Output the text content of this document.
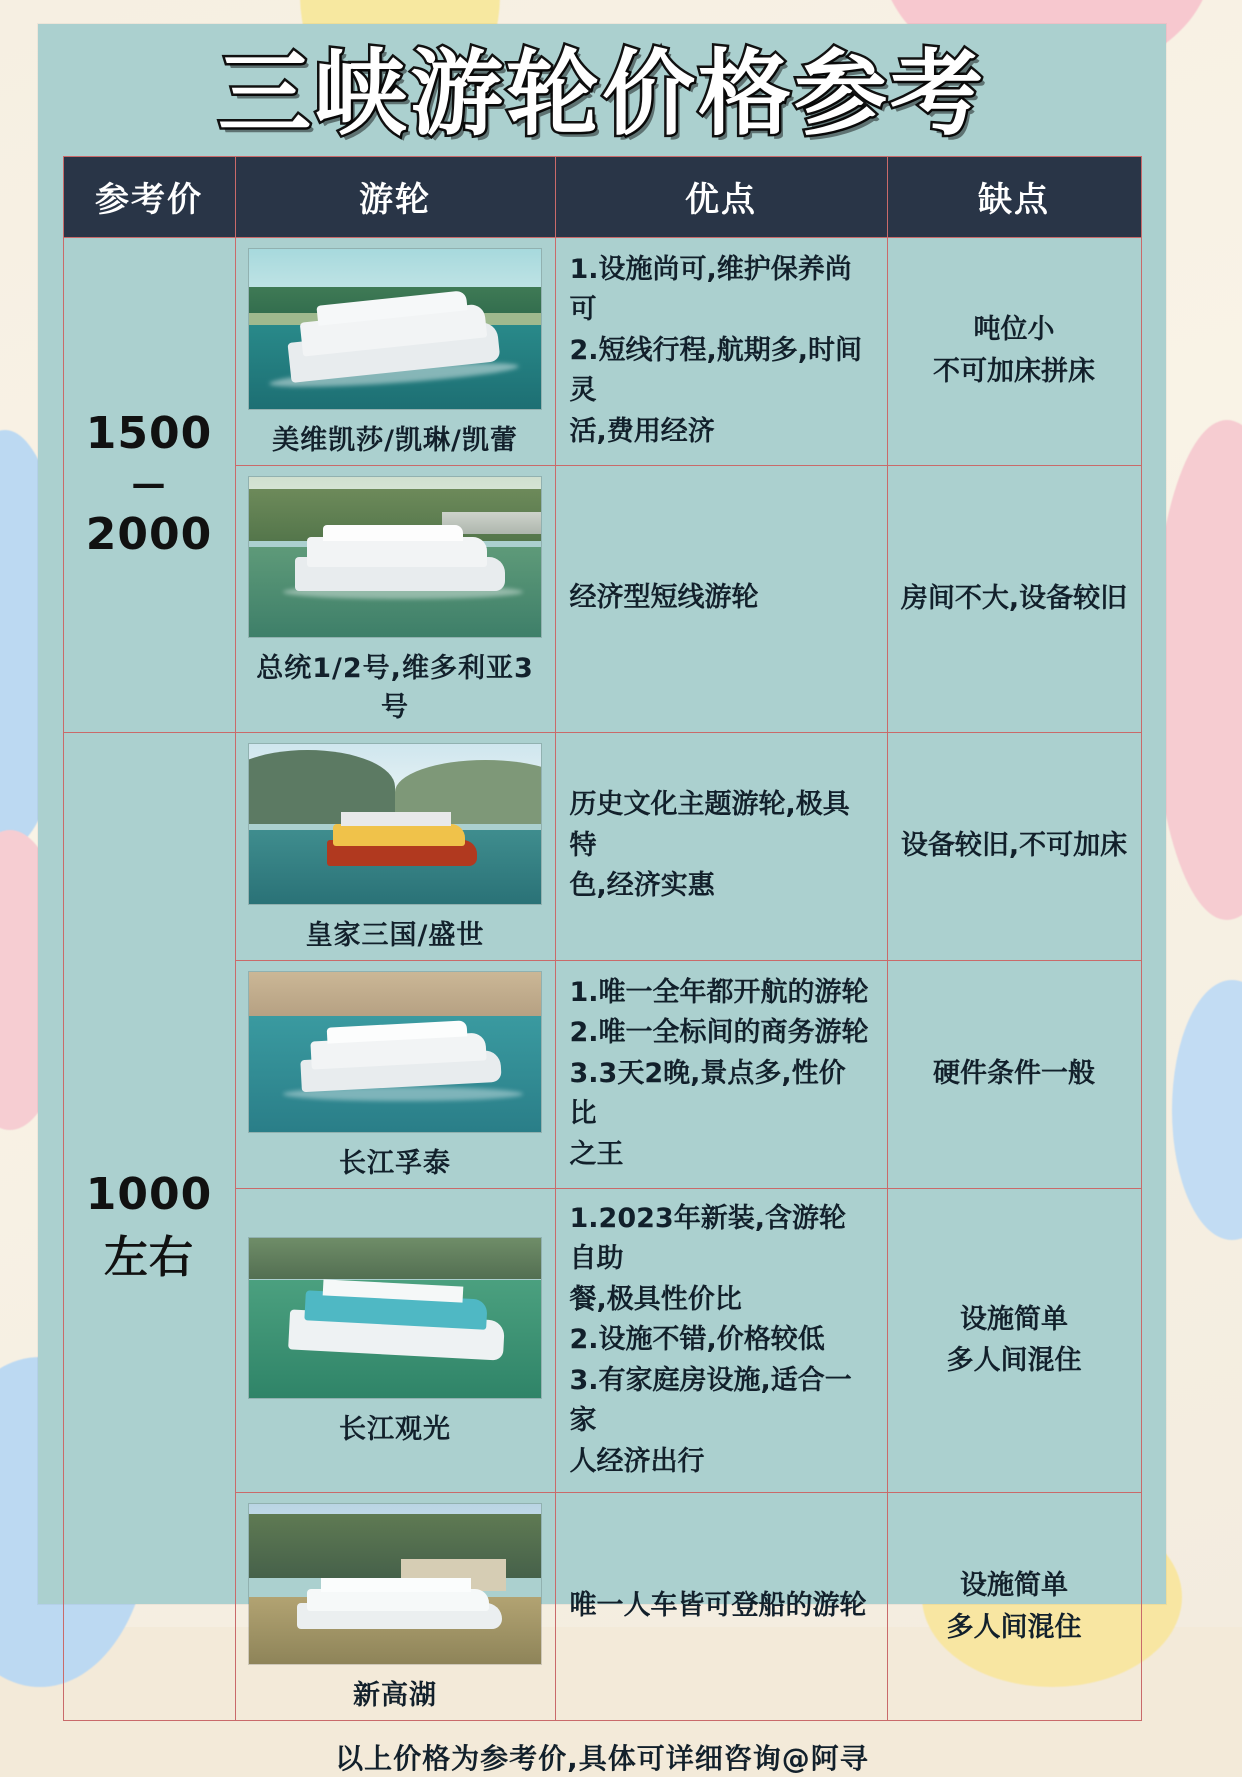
三峡游轮价格参考
参考价	游轮	优点	缺点
1500
—
2000	美维凯莎/凯琳/凯蕾	1.设施尚可,维护保养尚可
2.短线行程,航期多,时间灵
活,费用经济	吨位小
不可加床拼床

	总统1/2号,维多利亚3号	经济型短线游轮	房间不大,设备较旧

1000左右	皇家三国/盛世	历史文化主题游轮,极具特
色,经济实惠	设备较旧,不可加床

	长江孚泰	1.唯一全年都开航的游轮
2.唯一全标间的商务游轮
3.3天2晚,景点多,性价比
之王	硬件条件一般

	长江观光	1.2023年新装,含游轮自助
餐,极具性价比
2.设施不错,价格较低
3.有家庭房设施,适合一家
人经济出行	设施简单
多人间混住

	新高湖	唯一人车皆可登船的游轮	设施简单
多人间混住
以上价格为参考价,具体可详细咨询@阿寻
